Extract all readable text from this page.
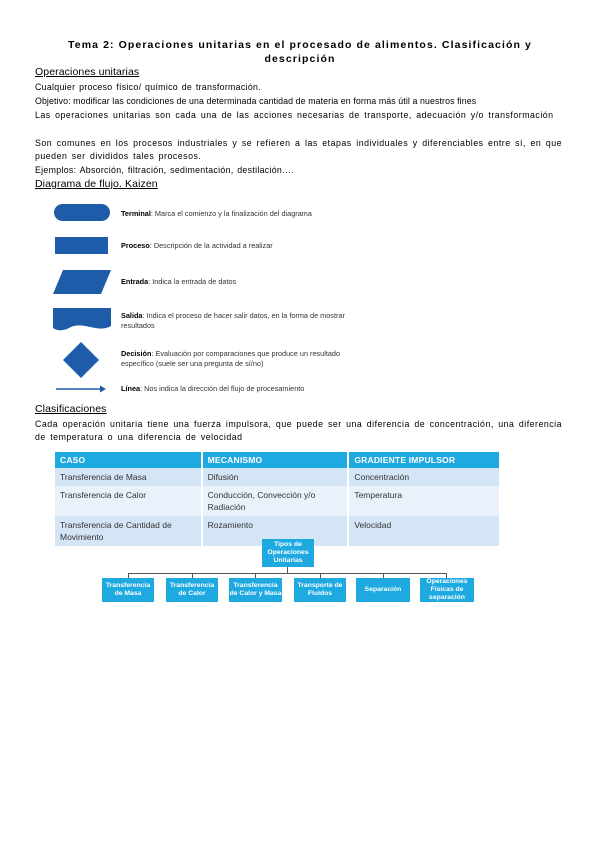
Tema 2: Operaciones unitarias en el procesado de alimentos. Clasificación y descripción
Operaciones unitarias
Cualquier proceso físico/ químico de transformación.
Objetivo: modificar las condiciones de una determinada cantidad de materia en forma más útil a nuestros fines
Las operaciones unitarias son cada una de las acciones necesarias de transporte, adecuación y/o transformación
Son comunes en los procesos industriales y se refieren a las etapas individuales y diferenciables entre sí, en que pueden ser divididos tales procesos.
Ejemplos: Absorción, filtración, sedimentación, destilación….
Diagrama de flujo. Kaizen
Terminal: Marca el comienzo y la finalización del diagrama
Proceso: Descripción de la actividad a realizar
Entrada: Indica la entrada de datos
Salida: Indica el proceso de hacer salir datos, en la forma de mostrar resultados
Decisión: Evaluación por comparaciones que produce un resultado específico (suele ser una pregunta de sí/no)
Línea: Nos indica la dirección del flujo de procesamiento
Clasificaciones
Cada operación unitaria tiene una fuerza impulsora, que puede ser una diferencia de concentración, una diferencia de temperatura o una diferencia de velocidad
CASO	MECANISMO	GRADIENTE IMPULSOR
Transferencia de Masa	Difusión	Concentración
Transferencia de Calor	Conducción, Convección y/o Radiación	Temperatura
Transferencia de Cantidad de Movimiento	Rozamiento	Velocidad
Tipos de Operaciones Unitarias
Transferencia de Masa
Transferencia de Calor
Transferencia de Calor y Masa
Transporte de Fluidos
Separación
Operaciones Físicas de separación
